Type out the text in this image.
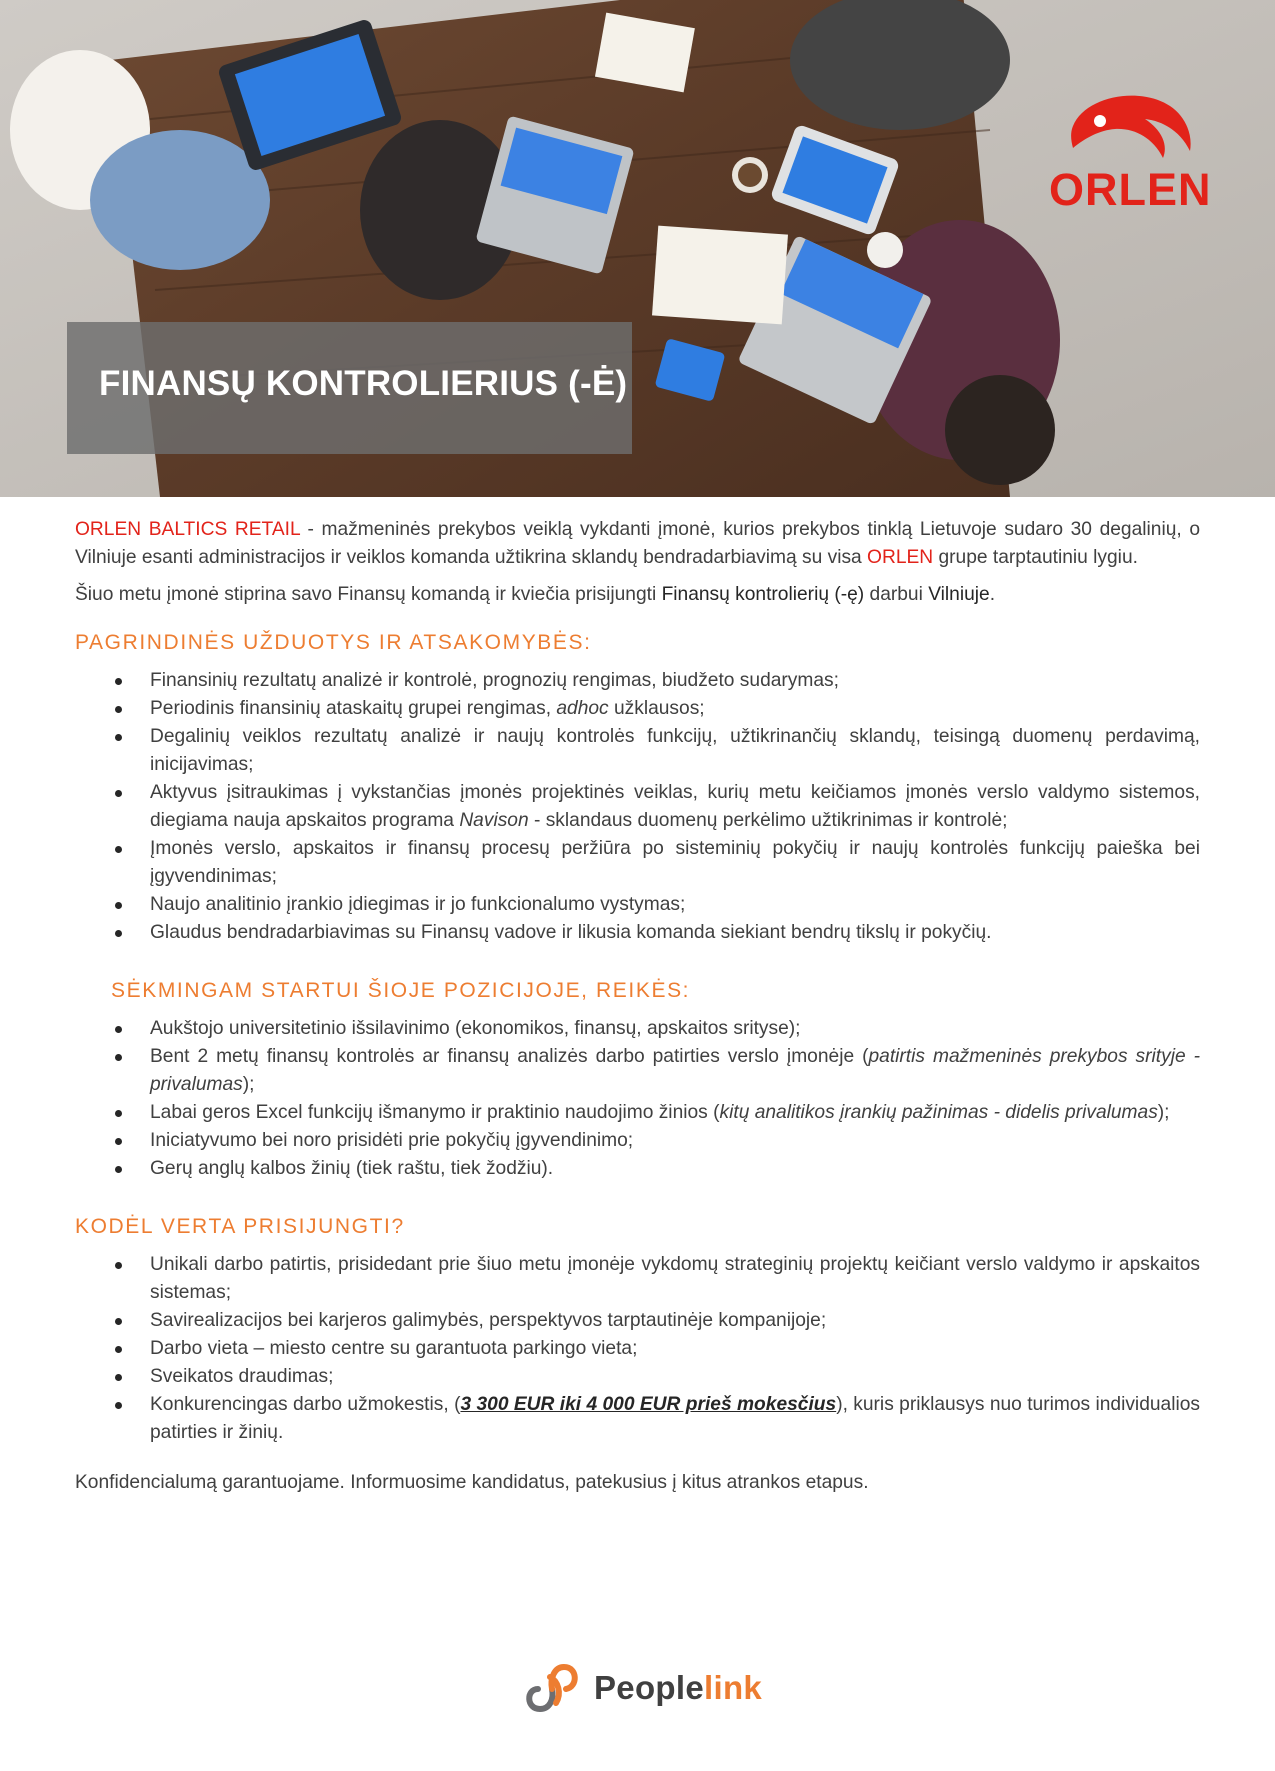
FINANSŲ KONTROLIERIUS (-Ė)
ORLEN

ORLEN BALTICS RETAIL - mažmeninės prekybos veiklą vykdanti įmonė, kurios prekybos tinklą Lietuvoje sudaro 30 degalinių, o Vilniuje esanti administracijos ir veiklos komanda užtikrina sklandų bendradarbiavimą su visa ORLEN grupe tarptautiniu lygiu.

Šiuo metu įmonė stiprina savo Finansų komandą ir kviečia prisijungti Finansų kontrolierių (-ę) darbui Vilniuje.

PAGRINDINĖS UŽDUOTYS IR ATSAKOMYBĖS:
Finansinių rezultatų analizė ir kontrolė, prognozių rengimas, biudžeto sudarymas;
Periodinis finansinių ataskaitų grupei rengimas, adhoc užklausos;
Degalinių veiklos rezultatų analizė ir naujų kontrolės funkcijų, užtikrinančių sklandų, teisingą duomenų perdavimą, inicijavimas;
Aktyvus įsitraukimas į vykstančias įmonės projektinės veiklas, kurių metu keičiamos įmonės verslo valdymo sistemos, diegiama nauja apskaitos programa Navison - sklandaus duomenų perkėlimo užtikrinimas ir kontrolė;
Įmonės verslo, apskaitos ir finansų procesų peržiūra po sisteminių pokyčių ir naujų kontrolės funkcijų paieška bei įgyvendinimas;
Naujo analitinio įrankio įdiegimas ir jo funkcionalumo vystymas;
Glaudus bendradarbiavimas su Finansų vadove ir likusia komanda siekiant bendrų tikslų ir pokyčių.
SĖKMINGAM STARTUI ŠIOJE POZICIJOJE, REIKĖS:
Aukštojo universitetinio išsilavinimo (ekonomikos, finansų, apskaitos srityse);
Bent 2 metų finansų kontrolės ar finansų analizės darbo patirties verslo įmonėje (patirtis mažmeninės prekybos srityje - privalumas);
Labai geros Excel funkcijų išmanymo ir praktinio naudojimo žinios (kitų analitikos įrankių pažinimas - didelis privalumas);
Iniciatyvumo bei noro prisidėti prie pokyčių įgyvendinimo;
Gerų anglų kalbos žinių (tiek raštu, tiek žodžiu).
KODĖL VERTA PRISIJUNGTI?
Unikali darbo patirtis, prisidedant prie šiuo metu įmonėje vykdomų strateginių projektų keičiant verslo valdymo ir apskaitos sistemas;
Savirealizacijos bei karjeros galimybės, perspektyvos tarptautinėje kompanijoje;
Darbo vieta – miesto centre su garantuota parkingo vieta;
Sveikatos draudimas;
Konkurencingas darbo užmokestis, (3 300 EUR iki 4 000 EUR prieš mokesčius), kuris priklausys nuo turimos individualios patirties ir žinių.

Konfidencialumą garantuojame. Informuosime kandidatus, patekusius į kitus atrankos etapus.

Peoplelink
